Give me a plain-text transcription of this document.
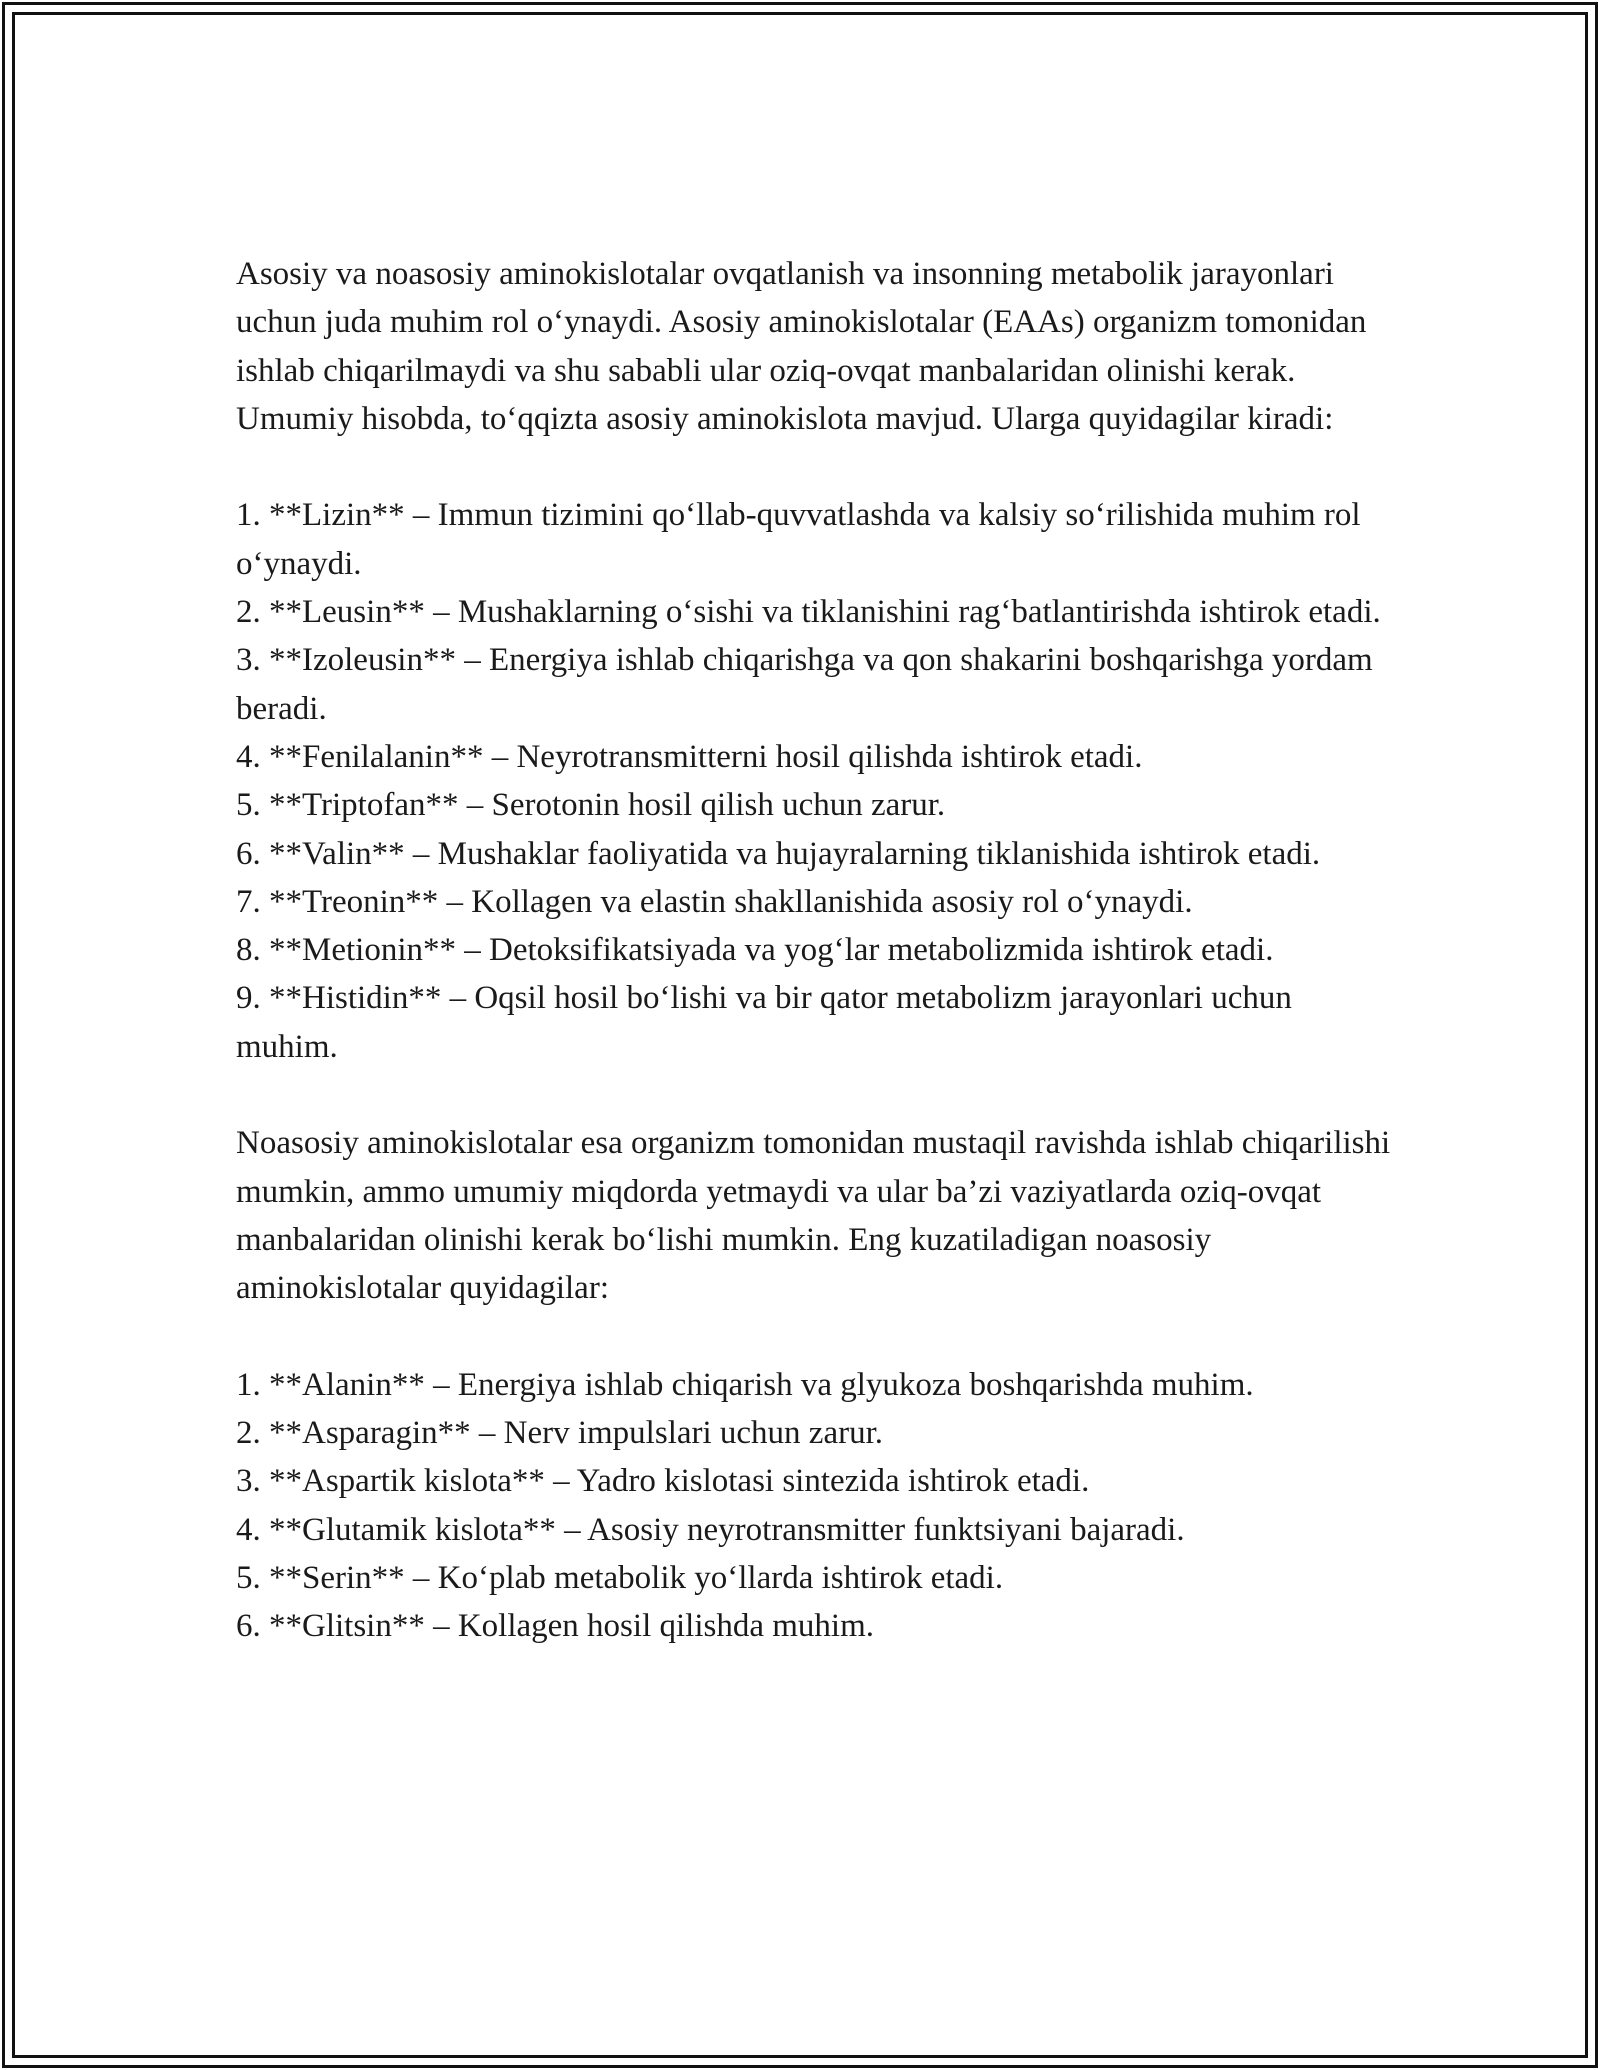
Asosiy va noasosiy aminokislotalar ovqatlanish va insonning metabolik jarayonlari uchun juda muhim rol o‘ynaydi. Asosiy aminokislotalar (EAAs) organizm tomonidan ishlab chiqarilmaydi va shu sababli ular oziq-ovqat manbalaridan olinishi kerak. Umumiy hisobda, to‘qqizta asosiy aminokislota mavjud. Ularga quyidagilar kiradi:

1. **Lizin** – Immun tizimini qo‘llab-quvvatlashda va kalsiy so‘rilishida muhim rol o‘ynaydi.
2. **Leusin** – Mushaklarning o‘sishi va tiklanishini rag‘batlantirishda ishtirok etadi.
3. **Izoleusin** – Energiya ishlab chiqarishga va qon shakarini boshqarishga yordam beradi.
4. **Fenilalanin** – Neyrotransmitterni hosil qilishda ishtirok etadi.
5. **Triptofan** – Serotonin hosil qilish uchun zarur.
6. **Valin** – Mushaklar faoliyatida va hujayralarning tiklanishida ishtirok etadi.
7. **Treonin** – Kollagen va elastin shakllanishida asosiy rol o‘ynaydi.
8. **Metionin** – Detoksifikatsiyada va yog‘lar metabolizmida ishtirok etadi.
9. **Histidin** – Oqsil hosil bo‘lishi va bir qator metabolizm jarayonlari uchun muhim.

Noasosiy aminokislotalar esa organizm tomonidan mustaqil ravishda ishlab chiqarilishi mumkin, ammo umumiy miqdorda yetmaydi va ular ba’zi vaziyatlarda oziq-ovqat manbalaridan olinishi kerak bo‘lishi mumkin. Eng kuzatiladigan noasosiy aminokislotalar quyidagilar:

1. **Alanin** – Energiya ishlab chiqarish va glyukoza boshqarishda muhim.
2. **Asparagin** – Nerv impulslari uchun zarur.
3. **Aspartik kislota** – Yadro kislotasi sintezida ishtirok etadi.
4. **Glutamik kislota** – Asosiy neyrotransmitter funktsiyani bajaradi.
5. **Serin** – Ko‘plab metabolik yo‘llarda ishtirok etadi.
6. **Glitsin** – Kollagen hosil qilishda muhim.
